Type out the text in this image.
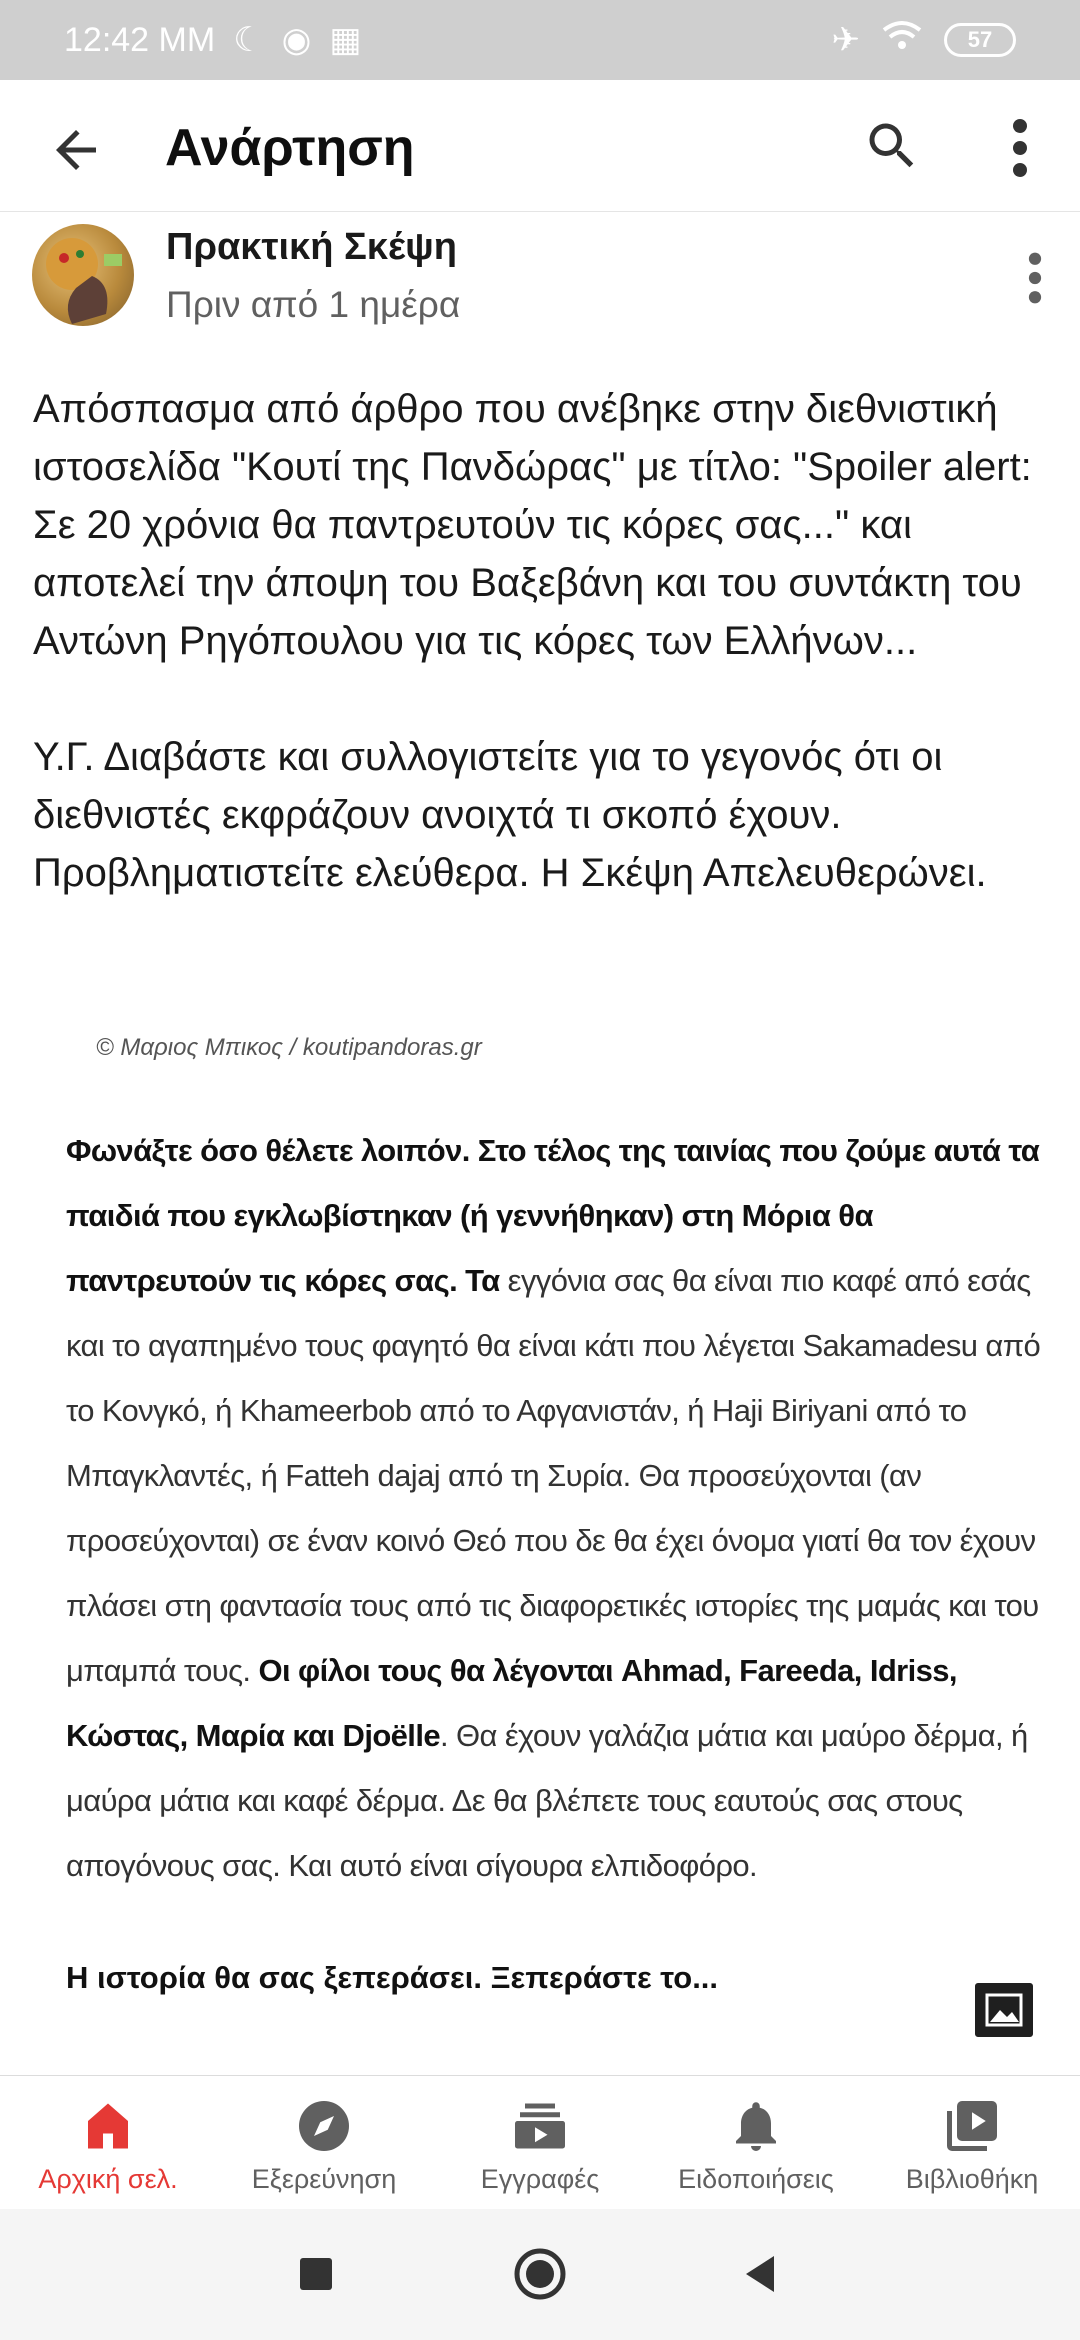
12:42 MM ☾ ◉ ▦	✈	57
Ανάρτηση
Πρακτική Σκέψη
Πριν από 1 ημέρα

Απόσπασμα από άρθρο που ανέβηκε στην διεθνιστική ιστοσελίδα "Κουτί της Πανδώρας" με τίτλο: "Spoiler alert: Σε 20 χρόνια θα παντρευτούν τις κόρες σας..." και αποτελεί την άποψη του Βαξεβάνη και του συντάκτη του Αντώνη Ρηγόπουλου για τις κόρες των Ελλήνων...

Υ.Γ. Διαβάστε και συλλογιστείτε για το γεγονός ότι οι διεθνιστές εκφράζουν ανοιχτά τι σκοπό έχουν. Προβληματιστείτε ελεύθερα. Η Σκέψη Απελευθερώνει.

© Μαριος Μπικος / koutipandoras.gr
Φωνάξτε όσο θέλετε λοιπόν. Στο τέλος της ταινίας που ζούμε αυτά τα παιδιά που εγκλωβίστηκαν (ή γεννήθηκαν) στη Μόρια θα παντρευτούν τις κόρες σας. Τα εγγόνια σας θα είναι πιο καφέ από εσάς και το αγαπημένο τους φαγητό θα είναι κάτι που λέγεται Sakamadesu από το Κονγκό, ή Khameerbob από το Αφγανιστάν, ή Haji Biriyani από το Μπαγκλαντές, ή Fatteh dajaj από τη Συρία. Θα προσεύχονται (αν προσεύχονται) σε έναν κοινό Θεό που δε θα έχει όνομα γιατί θα τον έχουν πλάσει στη φαντασία τους από τις διαφορετικές ιστορίες της μαμάς και του μπαμπά τους. Οι φίλοι τους θα λέγονται Ahmad, Fareeda, Idriss, Κώστας, Μαρία και Djoëlle. Θα έχουν γαλάζια μάτια και μαύρο δέρμα, ή μαύρα μάτια και καφέ δέρμα. Δε θα βλέπετε τους εαυτούς σας στους απογόνους σας. Και αυτό είναι σίγουρα ελπιδοφόρο.
Η ιστορία θα σας ξεπεράσει. Ξεπεράστε το...
Αρχική σελ.	Εξερεύνηση	Εγγραφές	Ειδοποιήσεις	Βιβλιοθήκη
